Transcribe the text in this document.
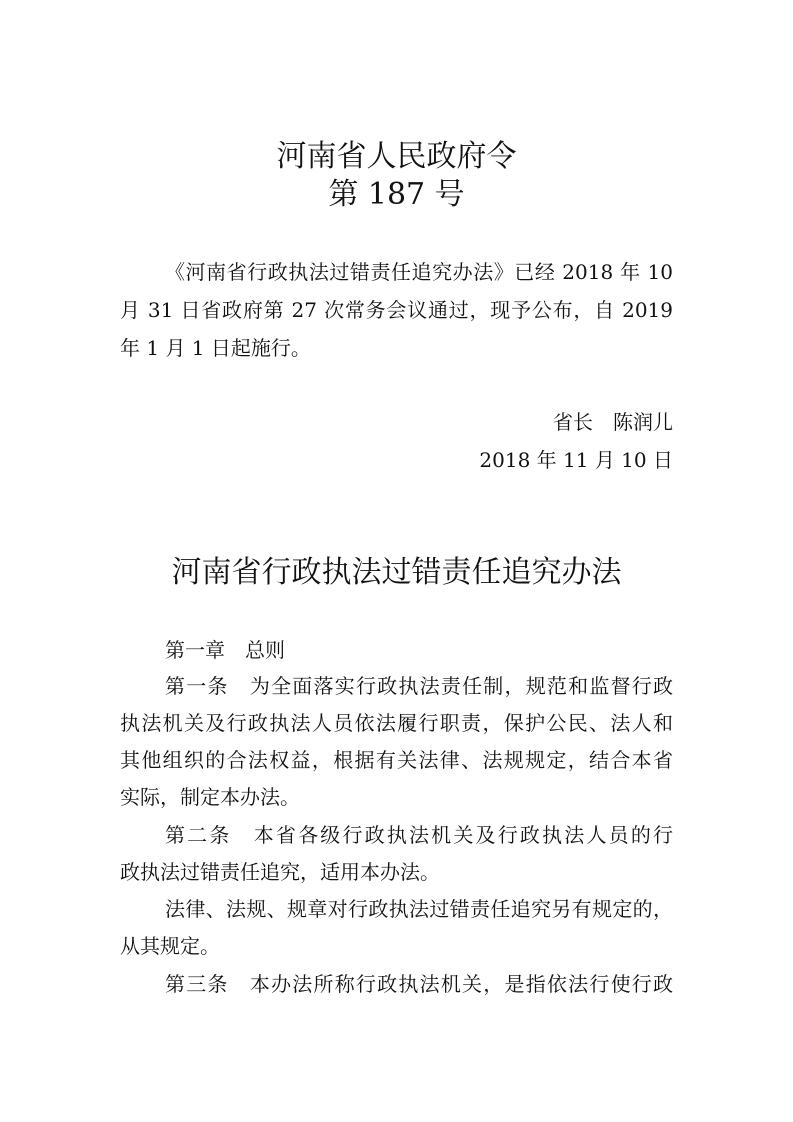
河南省人民政府令
第 187 号
《河南省行政执法过错责任追究办法》已经 2018 年 10
月 31 日省政府第 27 次常务会议通过，现予公布，自 2019
年 1 月 1 日起施行。
省长　陈润儿
2018 年 11 月 10 日
河南省行政执法过错责任追究办法
第一章　总则
第一条　为全面落实行政执法责任制，规范和监督行政
执法机关及行政执法人员依法履行职责，保护公民、法人和
其他组织的合法权益，根据有关法律、法规规定，结合本省
实际，制定本办法。
第二条　本省各级行政执法机关及行政执法人员的行
政执法过错责任追究，适用本办法。
法律、法规、规章对行政执法过错责任追究另有规定的，
从其规定。
第三条　本办法所称行政执法机关，是指依法行使行政
